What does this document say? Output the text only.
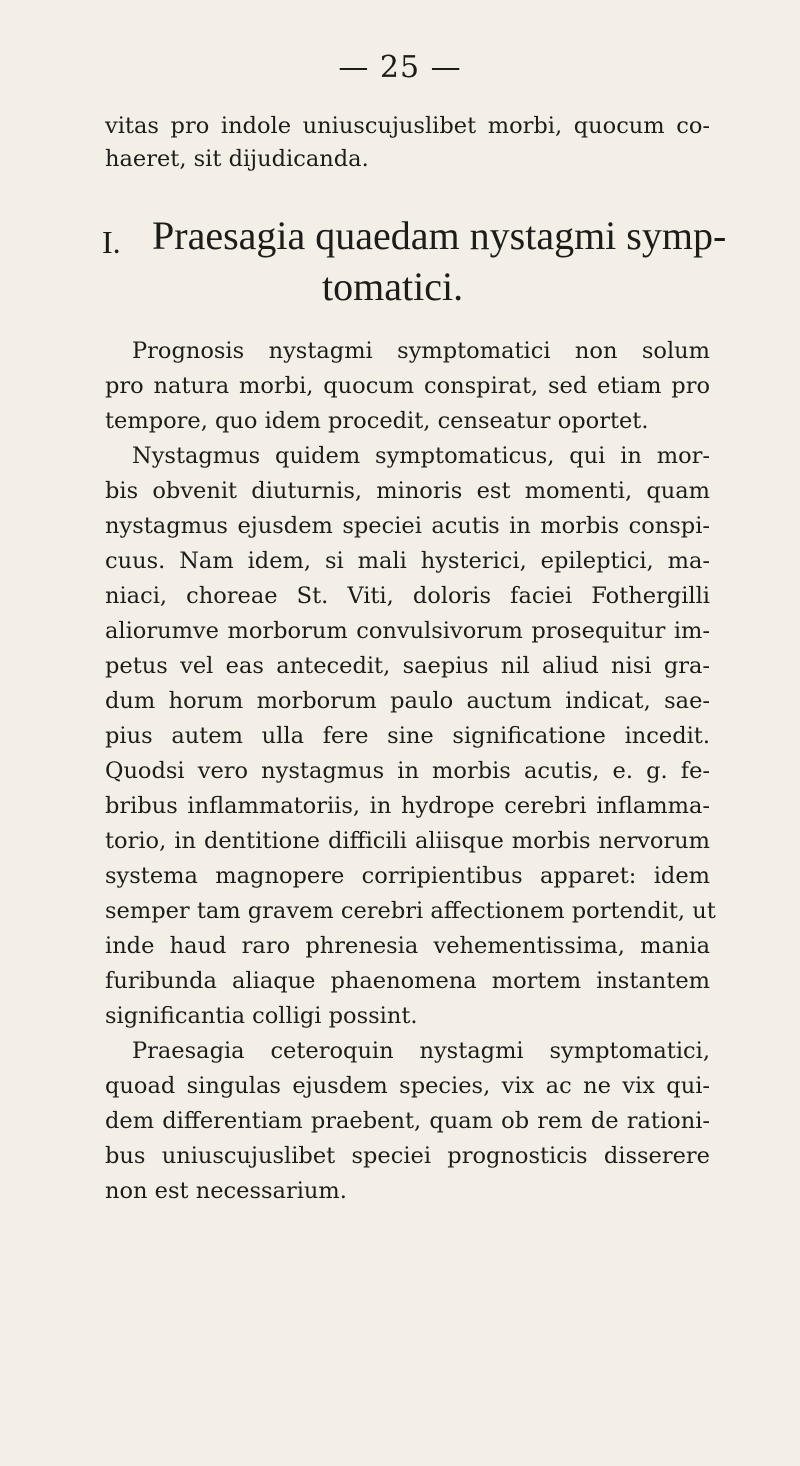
— 25 —

vitas pro indole uniuscujuslibet morbi, quocum co-

haeret, sit dijudicanda.

I. Praesagia quaedam nystagmi symp-
tomatici.

Prognosis nystagmi symptomatici non solum

pro natura morbi, quocum conspirat, sed etiam pro

tempore, quo idem procedit, censeatur oportet.

Nystagmus quidem symptomaticus, qui in mor-

bis obvenit diuturnis, minoris est momenti, quam

nystagmus ejusdem speciei acutis in morbis conspi-

cuus. Nam idem, si mali hysterici, epileptici, ma-

niaci, choreae St. Viti, doloris faciei Fothergilli

aliorumve morborum convulsivorum prosequitur im-

petus vel eas antecedit, saepius nil aliud nisi gra-

dum horum morborum paulo auctum indicat, sae-

pius autem ulla fere sine significatione incedit.

Quodsi vero nystagmus in morbis acutis, e. g. fe-

bribus inflammatoriis, in hydrope cerebri inflamma-

torio, in dentitione difficili aliisque morbis nervorum

systema magnopere corripientibus apparet: idem

semper tam gravem cerebri affectionem portendit, ut

inde haud raro phrenesia vehementissima, mania

furibunda aliaque phaenomena mortem instantem

significantia colligi possint.

Praesagia ceteroquin nystagmi symptomatici,

quoad singulas ejusdem species, vix ac ne vix qui-

dem differentiam praebent, quam ob rem de rationi-

bus uniuscujuslibet speciei prognosticis disserere

non est necessarium.
